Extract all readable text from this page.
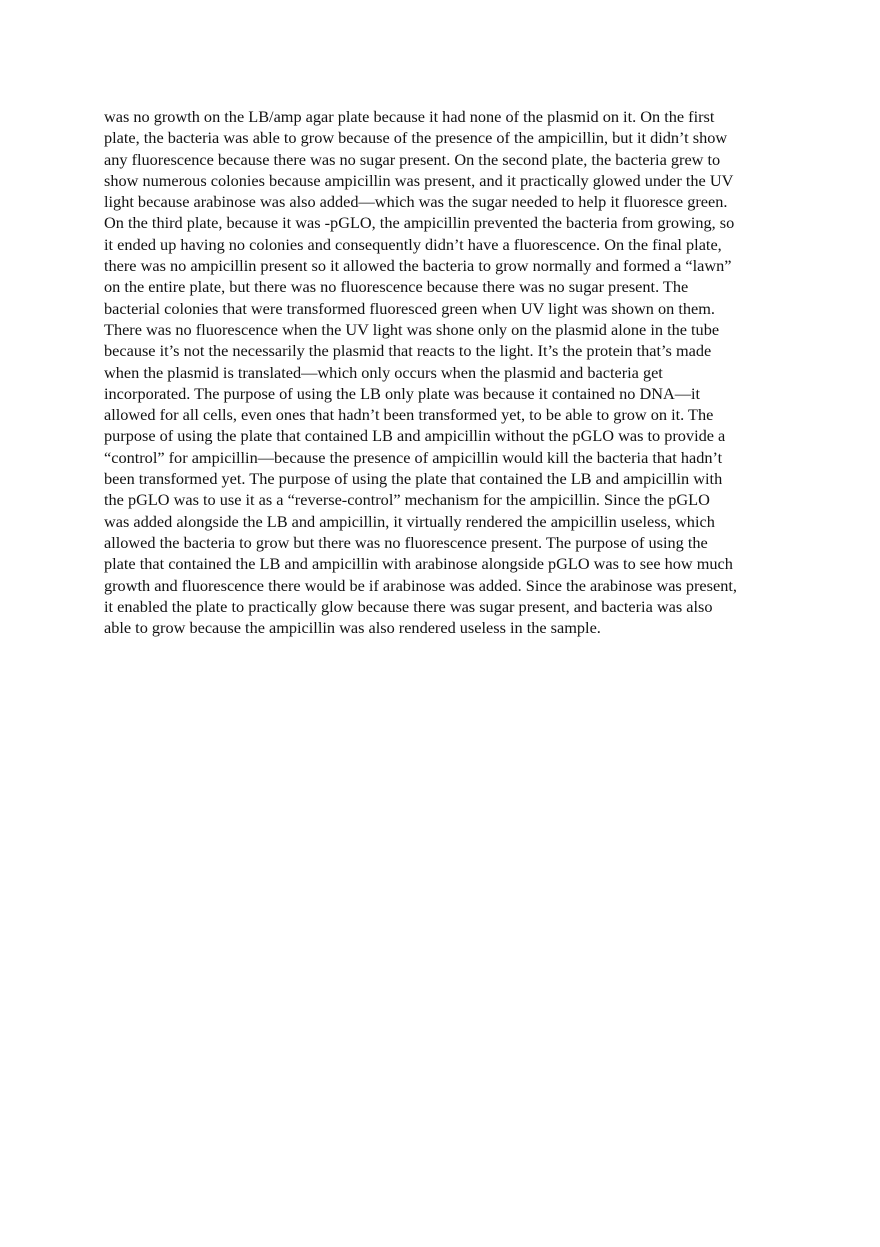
was no growth on the LB/amp agar plate because it had none of the plasmid on it. On the first
plate, the bacteria was able to grow because of the presence of the ampicillin, but it didn’t show
any fluorescence because there was no sugar present. On the second plate, the bacteria grew to
show numerous colonies because ampicillin was present, and it practically glowed under the UV
light because arabinose was also added—which was the sugar needed to help it fluoresce green.
On the third plate, because it was -pGLO, the ampicillin prevented the bacteria from growing, so
it ended up having no colonies and consequently didn’t have a fluorescence. On the final plate,
there was no ampicillin present so it allowed the bacteria to grow normally and formed a “lawn”
on the entire plate, but there was no fluorescence because there was no sugar present. The
bacterial colonies that were transformed fluoresced green when UV light was shown on them.
There was no fluorescence when the UV light was shone only on the plasmid alone in the tube
because it’s not the necessarily the plasmid that reacts to the light. It’s the protein that’s made
when the plasmid is translated—which only occurs when the plasmid and bacteria get
incorporated. The purpose of using the LB only plate was because it contained no DNA—it
allowed for all cells, even ones that hadn’t been transformed yet, to be able to grow on it. The
purpose of using the plate that contained LB and ampicillin without the pGLO was to provide a
“control” for ampicillin—because the presence of ampicillin would kill the bacteria that hadn’t
been transformed yet. The purpose of using the plate that contained the LB and ampicillin with
the pGLO was to use it as a “reverse-control” mechanism for the ampicillin. Since the pGLO
was added alongside the LB and ampicillin, it virtually rendered the ampicillin useless, which
allowed the bacteria to grow but there was no fluorescence present. The purpose of using the
plate that contained the LB and ampicillin with arabinose alongside pGLO was to see how much
growth and fluorescence there would be if arabinose was added. Since the arabinose was present,
it enabled the plate to practically glow because there was sugar present, and bacteria was also
able to grow because the ampicillin was also rendered useless in the sample.
